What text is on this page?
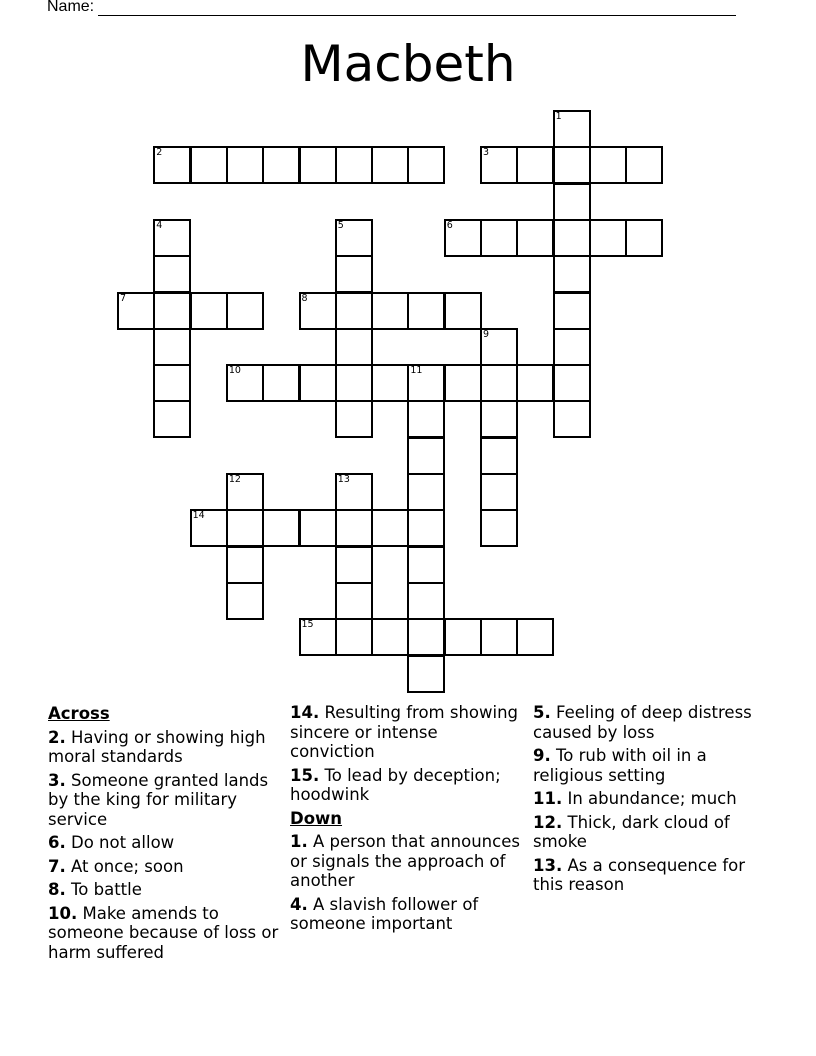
Name:
Macbeth
1
2	3
6
4	5
7	8
9
10	11
12	13
14
15
Across
2. Having or showing high moral standards
3. Someone granted lands by the king for military service
6. Do not allow
7. At once; soon
8. To battle
10. Make amends to someone because of loss or harm suffered
14. Resulting from showing sincere or intense conviction
15. To lead by deception; hoodwink
Down
1. A person that announces or signals the approach of another
4. A slavish follower of someone important
5. Feeling of deep distress caused by loss
9. To rub with oil in a religious setting
11. In abundance; much
12. Thick, dark cloud of smoke
13. As a consequence for this reason
